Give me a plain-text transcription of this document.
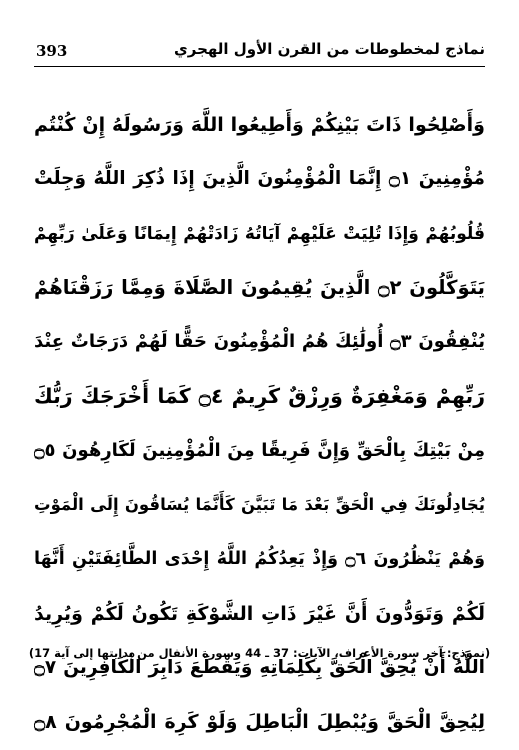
393	نماذج لمخطوطات من القرن الأول الهجري
وَأَصْلِحُوا ذَاتَ بَيْنِكُمْ وَأَطِيعُوا اللَّهَ وَرَسُولَهُ إِنْ كُنْتُم
مُؤْمِنِينَ ۝١ إِنَّمَا الْمُؤْمِنُونَ الَّذِينَ إِذَا ذُكِرَ اللَّهُ وَجِلَتْ
قُلُوبُهُمْ وَإِذَا تُلِيَتْ عَلَيْهِمْ آيَاتُهُ زَادَتْهُمْ إِيمَانًا وَعَلَىٰ رَبِّهِمْ
يَتَوَكَّلُونَ ۝٢ الَّذِينَ يُقِيمُونَ الصَّلَاةَ وَمِمَّا رَزَقْنَاهُمْ
يُنْفِقُونَ ۝٣ أُولَٰئِكَ هُمُ الْمُؤْمِنُونَ حَقًّا لَهُمْ دَرَجَاتٌ عِنْدَ
رَبِّهِمْ وَمَغْفِرَةٌ وَرِزْقٌ كَرِيمٌ ۝٤ كَمَا أَخْرَجَكَ رَبُّكَ
مِنْ بَيْتِكَ بِالْحَقِّ وَإِنَّ فَرِيقًا مِنَ الْمُؤْمِنِينَ لَكَارِهُونَ ۝٥
يُجَادِلُونَكَ فِي الْحَقِّ بَعْدَ مَا تَبَيَّنَ كَأَنَّمَا يُسَاقُونَ إِلَى الْمَوْتِ
وَهُمْ يَنْظُرُونَ ۝٦ وَإِذْ يَعِدُكُمُ اللَّهُ إِحْدَى الطَّائِفَتَيْنِ أَنَّهَا
لَكُمْ وَتَوَدُّونَ أَنَّ غَيْرَ ذَاتِ الشَّوْكَةِ تَكُونُ لَكُمْ وَيُرِيدُ
اللَّهُ أَنْ يُحِقَّ الْحَقَّ بِكَلِمَاتِهِ وَيَقْطَعَ دَابِرَ الْكَافِرِينَ ۝٧
لِيُحِقَّ الْحَقَّ وَيُبْطِلَ الْبَاطِلَ وَلَوْ كَرِهَ الْمُجْرِمُونَ ۝٨
(نموذج: آخر سورة الأعراف، الآيات: 37 ـ 44 وسورة الأنفال من بدايتها إلى آية 17)
